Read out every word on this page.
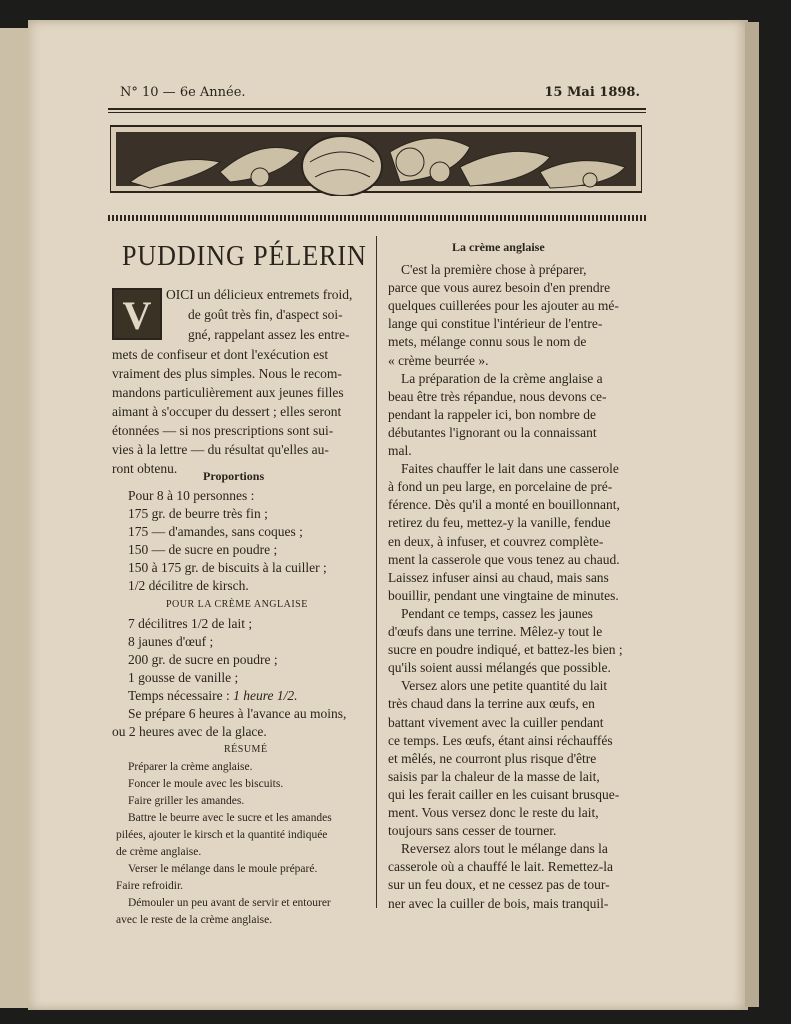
N° 10 — 6e Année.	15 Mai 1898.
PUDDING PÉLERIN
V	OICI un délicieux entremets froid,
de goût très fin, d'aspect soi-
gné, rappelant assez les entre-
mets de confiseur et dont l'exécution est
vraiment des plus simples. Nous le recom-
mandons particulièrement aux jeunes filles
aimant à s'occuper du dessert ; elles seront
étonnées — si nos prescriptions sont sui-
vies à la lettre — du résultat qu'elles au-
ront obtenu. Proportions
Pour 8 à 10 personnes :
175 gr. de beurre très fin ;
175 — d'amandes, sans coques ;
150 — de sucre en poudre ;
150 à 175 gr. de biscuits à la cuiller ;
1/2 décilitre de kirsch.
POUR LA CRÈME ANGLAISE
7 décilitres 1/2 de lait ;
8 jaunes d'œuf ;
200 gr. de sucre en poudre ;
1 gousse de vanille ;
Temps nécessaire : 1 heure 1/2.
Se prépare 6 heures à l'avance au moins,
ou 2 heures avec de la glace.
RÉSUMÉ
Préparer la crème anglaise.
Foncer le moule avec les biscuits.
Faire griller les amandes.
Battre le beurre avec le sucre et les amandes
pilées, ajouter le kirsch et la quantité indiquée
de crème anglaise.
Verser le mélange dans le moule préparé.
Faire refroidir.
Démouler un peu avant de servir et entourer
avec le reste de la crème anglaise.
La crème anglaise
C'est la première chose à préparer,
parce que vous aurez besoin d'en prendre
quelques cuillerées pour les ajouter au mé-
lange qui constitue l'intérieur de l'entre-
mets, mélange connu sous le nom de
« crème beurrée ».
La préparation de la crème anglaise a
beau être très répandue, nous devons ce-
pendant la rappeler ici, bon nombre de
débutantes l'ignorant ou la connaissant
mal.
Faites chauffer le lait dans une casserole
à fond un peu large, en porcelaine de pré-
férence. Dès qu'il a monté en bouillonnant,
retirez du feu, mettez-y la vanille, fendue
en deux, à infuser, et couvrez complète-
ment la casserole que vous tenez au chaud.
Laissez infuser ainsi au chaud, mais sans
bouillir, pendant une vingtaine de minutes.
Pendant ce temps, cassez les jaunes
d'œufs dans une terrine. Mêlez-y tout le
sucre en poudre indiqué, et battez-les bien ;
qu'ils soient aussi mélangés que possible.
Versez alors une petite quantité du lait
très chaud dans la terrine aux œufs, en
battant vivement avec la cuiller pendant
ce temps. Les œufs, étant ainsi réchauffés
et mêlés, ne courront plus risque d'être
saisis par la chaleur de la masse de lait,
qui les ferait cailler en les cuisant brusque-
ment. Vous versez donc le reste du lait,
toujours sans cesser de tourner.
Reversez alors tout le mélange dans la
casserole où a chauffé le lait. Remettez-la
sur un feu doux, et ne cessez pas de tour-
ner avec la cuiller de bois, mais tranquil-
